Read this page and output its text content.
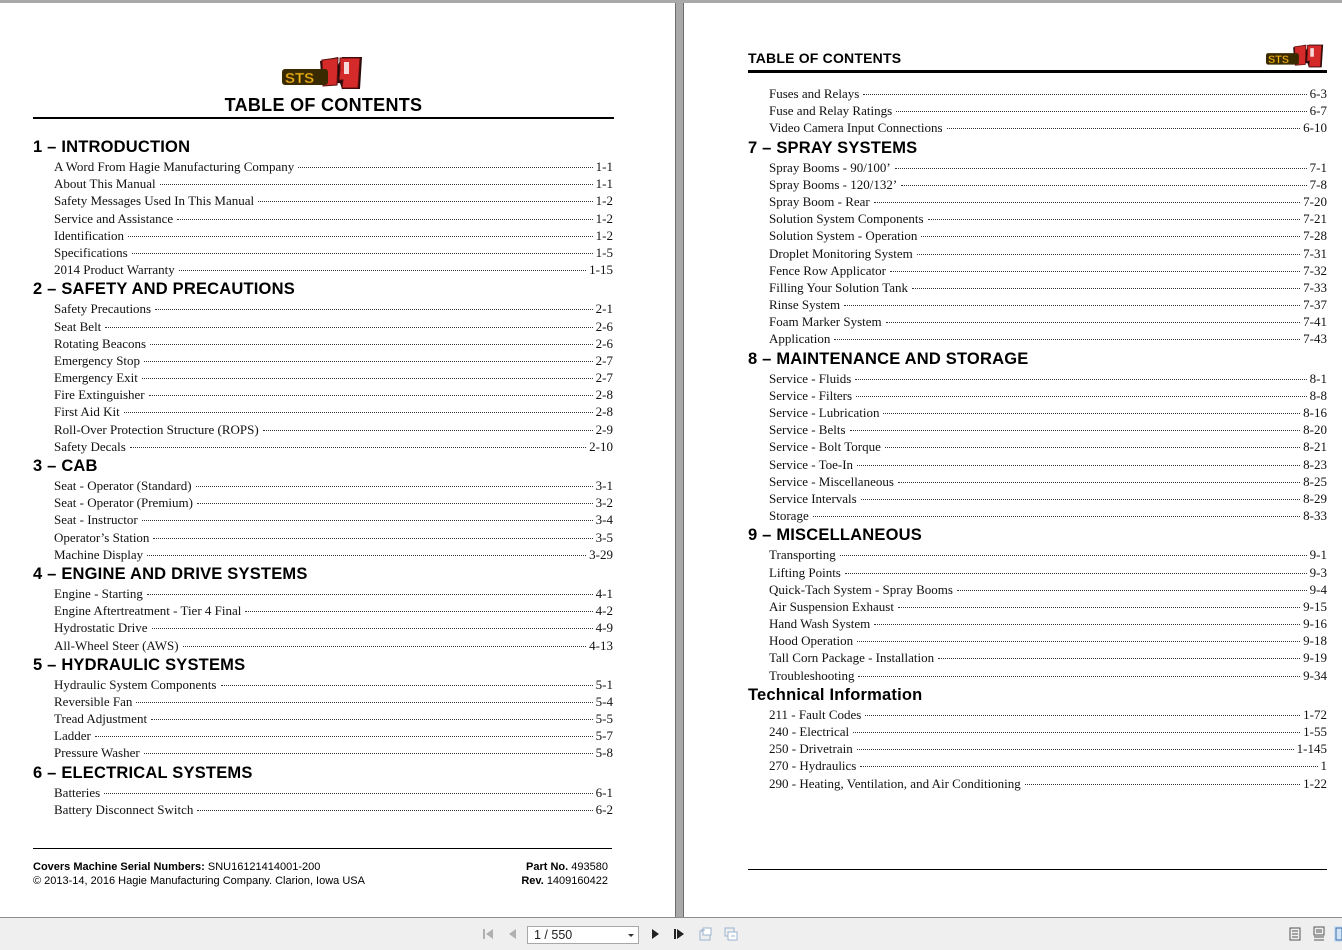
STS
TABLE OF CONTENTS
1 – INTRODUCTION
A Word From Hagie Manufacturing Company	1-1
About This Manual	1-1
Safety Messages Used In This Manual	1-2
Service and Assistance	1-2
Identification	1-2
Specifications	1-5
2014 Product Warranty	1-15
2 – SAFETY AND PRECAUTIONS
Safety Precautions	2-1
Seat Belt	2-6
Rotating Beacons	2-6
Emergency Stop	2-7
Emergency Exit	2-7
Fire Extinguisher	2-8
First Aid Kit	2-8
Roll-Over Protection Structure (ROPS)	2-9
Safety Decals	2-10
3 – CAB
Seat - Operator (Standard)	3-1
Seat - Operator (Premium)	3-2
Seat - Instructor	3-4
Operator’s Station	3-5
Machine Display	3-29
4 – ENGINE AND DRIVE SYSTEMS
Engine - Starting	4-1
Engine Aftertreatment - Tier 4 Final	4-2
Hydrostatic Drive	4-9
All-Wheel Steer (AWS)	4-13
5 – HYDRAULIC SYSTEMS
Hydraulic System Components	5-1
Reversible Fan	5-4
Tread Adjustment	5-5
Ladder	5-7
Pressure Washer	5-8
6 – ELECTRICAL SYSTEMS
Batteries	6-1
Battery Disconnect Switch	6-2
Covers Machine Serial Numbers: SNU16121414001-200
© 2013-14, 2016 Hagie Manufacturing Company. Clarion, Iowa USA
Part No. 493580
Rev. 1409160422
TABLE OF CONTENTS	STS
Fuses and Relays	6-3
Fuse and Relay Ratings	6-7
Video Camera Input Connections	6-10
7 – SPRAY SYSTEMS
Spray Booms - 90/100’	7-1
Spray Booms - 120/132’	7-8
Spray Boom - Rear	7-20
Solution System Components	7-21
Solution System - Operation	7-28
Droplet Monitoring System	7-31
Fence Row Applicator	7-32
Filling Your Solution Tank	7-33
Rinse System	7-37
Foam Marker System	7-41
Application	7-43
8 – MAINTENANCE AND STORAGE
Service - Fluids	8-1
Service - Filters	8-8
Service - Lubrication	8-16
Service - Belts	8-20
Service - Bolt Torque	8-21
Service - Toe-In	8-23
Service - Miscellaneous	8-25
Service Intervals	8-29
Storage	8-33
9 – MISCELLANEOUS
Transporting	9-1
Lifting Points	9-3
Quick-Tach System - Spray Booms	9-4
Air Suspension Exhaust	9-15
Hand Wash System	9-16
Hood Operation	9-18
Tall Corn Package - Installation	9-19
Troubleshooting	9-34
Technical Information
211 - Fault Codes	1-72
240 - Electrical	1-55
250 - Drivetrain	1-145
270 - Hydraulics	1
290 - Heating, Ventilation, and Air Conditioning	1-22
1 / 550
